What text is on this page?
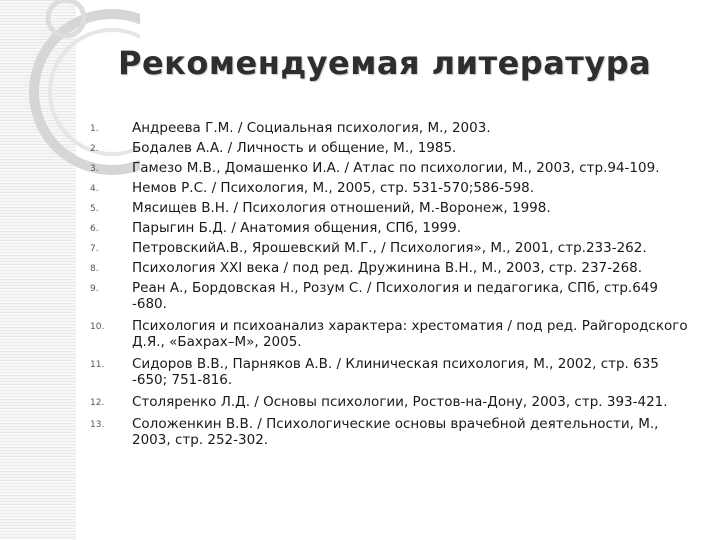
Рекомендуемая литература
1.	Андреева Г.М. / Социальная психология, М., 2003.
2.	Бодалев А.А. / Личность и общение, М., 1985.
3.	Гамезо М.В., Домашенко И.А. / Атлас по психологии, М., 2003, стр.94-109.
4.	Немов Р.С. / Психология, М., 2005, стр. 531-570;586-598.
5.	Мясищев В.Н. / Психология отношений, М.-Воронеж, 1998.
6.	Парыгин Б.Д. / Анатомия общения, СПб, 1999.
7.	ПетровскийА.В., Ярошевский М.Г., / Психология», М., 2001, стр.233-262.
8.	Психология XXI века / под ред. Дружинина В.Н., М., 2003, стр. 237-268.
9.	Реан А., Бордовская Н., Розум С. / Психология и педагогика, СПб, стр.649 -680.
10.	Психология и психоанализ характера: хрестоматия / под ред. Райгородского Д.Я., «Бахрах–М», 2005.
11.	Сидоров В.В., Парняков А.В. / Клиническая психология, М., 2002, стр. 635 -650; 751-816.
12.	Столяренко Л.Д. / Основы психологии, Ростов-на-Дону, 2003, стр. 393-421.
13.	Соложенкин В.В. / Психологические основы врачебной деятельности, М., 2003, стр. 252-302.
